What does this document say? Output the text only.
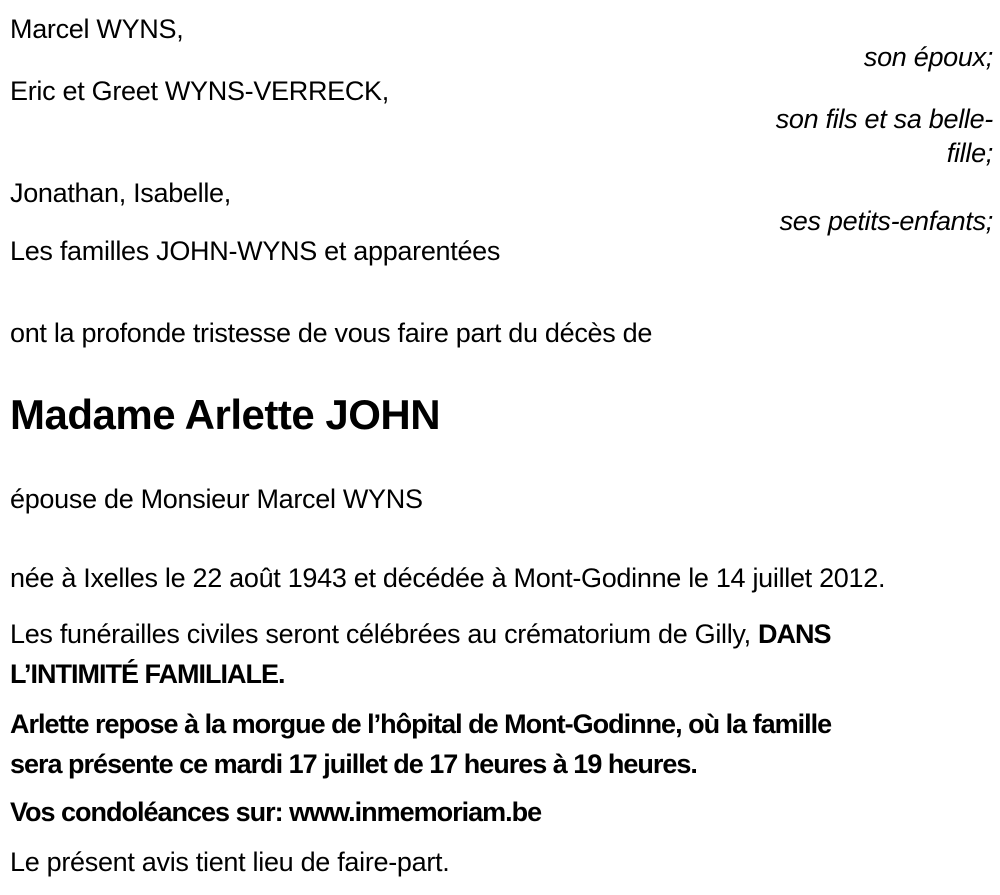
Marcel WYNS,
son époux;
Eric et Greet WYNS-VERRECK,
son fils et sa belle-
fille;
Jonathan, Isabelle,
ses petits-enfants;
Les familles JOHN-WYNS et apparentées
ont la profonde tristesse de vous faire part du décès de
Madame Arlette JOHN
épouse de Monsieur Marcel WYNS
née à Ixelles le 22 août 1943 et décédée à Mont-Godinne le 14 juillet 2012.
Les funérailles civiles seront célébrées au crématorium de Gilly, DANS
L’INTIMITÉ FAMILIALE.
Arlette repose à la morgue de l’hôpital de Mont-Godinne, où la famille
sera présente ce mardi 17 juillet de 17 heures à 19 heures.
Vos condoléances sur: www.inmemoriam.be
Le présent avis tient lieu de faire-part.
